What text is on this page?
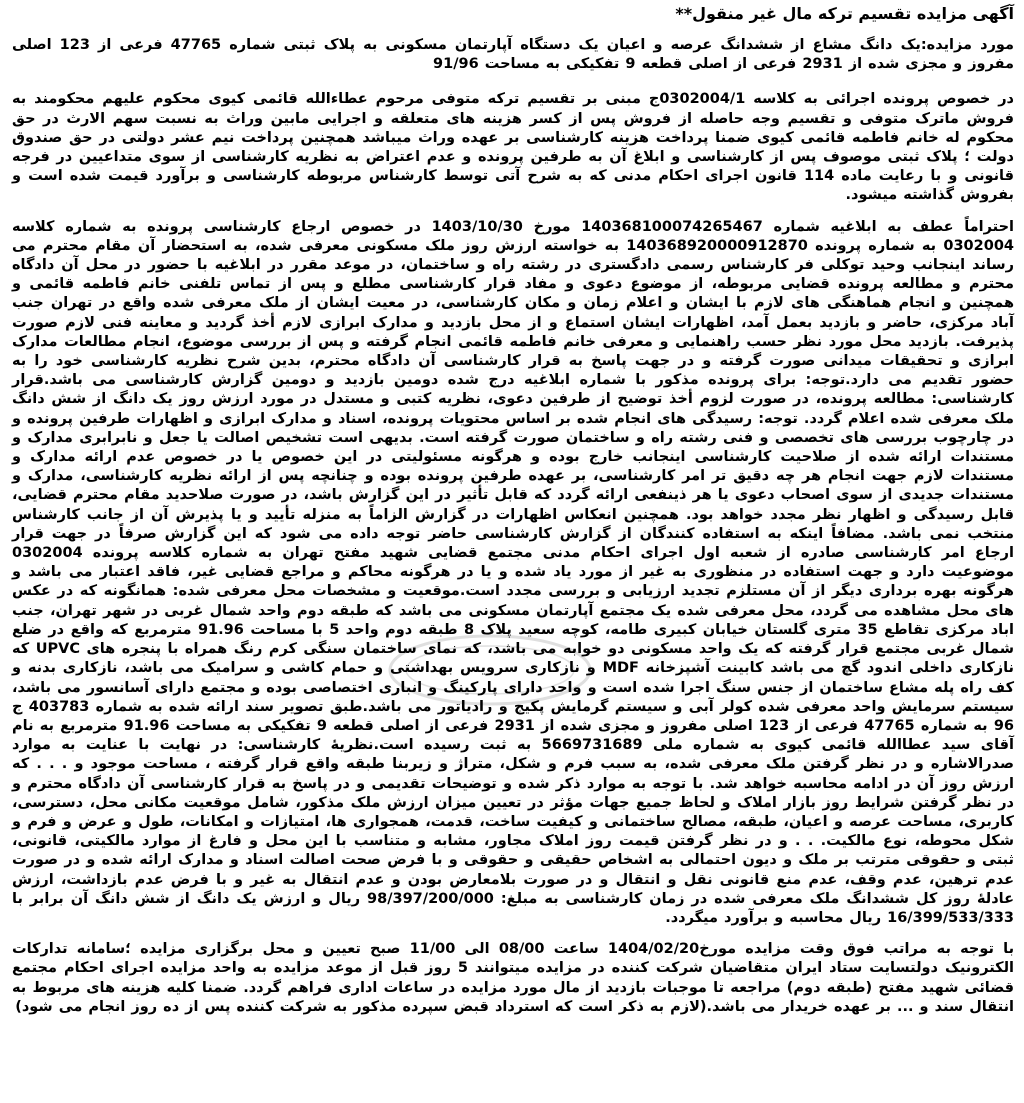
آگهی مزایده تقسیم ترکه مال غیر منقول**
مورد مزایده:یک دانگ مشاع از ششدانگ عرصه و اعیان یک دستگاه آپارتمان مسکونی به پلاک ثبتی شماره 47765 فرعی از 123 اصلی مفروز و مجزی شده از 2931 فرعی از اصلی قطعه 9 تفکیکی به مساحت 91/96
در خصوص پرونده اجرائی به کلاسه 0302004/1ج مبنی بر تقسیم ترکه متوفی مرحوم عطاءالله قائمی کیوی محکوم علیهم محکومند به فروش ماترک متوفی و تقسیم وجه حاصله از فروش پس از کسر هزینه های متعلقه و اجرایی مابین وراث به نسبت سهم الارث در حق محکوم له خانم فاطمه قائمی کیوی ضمنا پرداخت هزینه کارشناسی بر عهده وراث میباشد همچنین پرداخت نیم عشر دولتی در حق صندوق دولت ؛ پلاک ثبتی موصوف پس از کارشناسی و ابلاغ آن به طرفین پرونده و عدم اعتراض به نظریه کارشناسی از سوی متداعیین در فرجه قانونی و با رعایت ماده 114 قانون اجرای احکام مدنی که به شرح آتی توسط کارشناس مربوطه کارشناسی و برآورد قیمت شده است و بفروش گذاشته میشود.
احتراماً عطف به ابلاغیه شماره 140368100074265467 مورخ 1403/10/30 در خصوص ارجاع کارشناسی پرونده به شماره کلاسه 0302004 به شماره پرونده 140368920000912870 به خواسته ارزش روز ملک مسکونی معرفی شده، به استحضار آن مقام محترم می رساند اینجانب وحید توکلی فر کارشناس رسمی دادگستری در رشته راه و ساختمان، در موعد مقرر در ابلاغیه با حضور در محل آن دادگاه محترم و مطالعه پرونده قضایی مربوطه، از موضوع دعوی و مفاد قرار کارشناسی مطلع و پس از تماس تلفنی خانم فاطمه قائمی و همچنین و انجام هماهنگی های لازم با ایشان و اعلام زمان و مکان کارشناسی، در معیت ایشان از ملک معرفی شده واقع در تهران جنب آباد مرکزی، حاضر و بازدید بعمل آمد، اظهارات ایشان استماع و از محل بازدید و مدارک ابرازی لازم أخذ گردید و معاینه فنی لازم صورت پذیرفت. بازدید محل مورد نظر حسب راهنمایی و معرفی خانم فاطمه قائمی انجام گرفته و پس از بررسی موضوع، انجام مطالعات مدارک ابرازی و تحقیقات میدانی صورت گرفته و در جهت پاسخ به قرار کارشناسی آن دادگاه محترم، بدین شرح نظریه کارشناسی خود را به حضور تقدیم می دارد.توجه: برای پرونده مذکور با شماره ابلاغیه درج شده دومین بازدید و دومین گزارش کارشناسی می باشد.قرار کارشناسی: مطالعه پرونده، در صورت لزوم أخذ توضیح از طرفین دعوی، نظریه کتبی و مستدل در مورد ارزش روز یک دانگ از شش دانگ ملک معرفی شده اعلام گردد. توجه: رسیدگی های انجام شده بر اساس محتویات پرونده، اسناد و مدارک ابرازی و اظهارات طرفین پرونده و در چارچوب بررسی های تخصصی و فنی رشته راه و ساختمان صورت گرفته است. بدیهی است تشخیص اصالت یا جعل و نابرابری مدارک و مستندات ارائه شده از صلاحیت کارشناسی اینجانب خارج بوده و هرگونه مسئولیتی در این خصوص یا در خصوص عدم ارائه مدارک و مستندات لازم جهت انجام هر چه دقیق تر امر کارشناسی، بر عهده طرفین پرونده بوده و چنانچه پس از ارائه نظریه کارشناسی، مدارک و مستندات جدیدی از سوی اصحاب دعوی یا هر ذینفعی ارائه گردد که قابل تأثیر در این گزارش باشد، در صورت صلاحدید مقام محترم قضایی، قابل رسیدگی و اظهار نظر مجدد خواهد بود. همچنین انعکاس اظهارات در گزارش الزاماً به منزله تأیید و یا پذیرش آن از جانب کارشناس منتخب نمی باشد. مضافاً اینکه به استفاده کنندگان از گزارش کارشناسی حاضر توجه داده می شود که این گزارش صرفاً در جهت قرار ارجاع امر کارشناسی صادره از شعبه اول اجرای احکام مدنی مجتمع قضایی شهید مفتح تهران به شماره کلاسه پرونده 0302004 موضوعیت دارد و جهت استفاده در منظوری به غیر از مورد یاد شده و یا در هرگونه محاکم و مراجع قضایی غیر، فاقد اعتبار می باشد و هرگونه بهره برداری دیگر از آن مستلزم تجدید ارزیابی و بررسی مجدد است.موقعیت و مشخصات محل معرفی شده: همانگونه که در عکس های محل مشاهده می گردد، محل معرفی شده یک مجتمع آپارتمان مسکونی می باشد که طبقه دوم واحد شمال غربی در شهر تهران، جنب اباد مرکزی تقاطع 35 متری گلستان خیابان کبیری طامه، کوچه سعید پلاک 8 طبقه دوم واحد 5 با مساحت 91.96 مترمربع که واقع در ضلع شمال غربی مجتمع قرار گرفته که یک واحد مسکونی دو خوابه می باشد، که نمای ساختمان سنگی کرم رنگ همراه با پنجره های UPVC که نازکاری داخلی اندود گچ می باشد کابینت آشپزخانه MDF و نازکاری سرویس بهداشتی و حمام کاشی و سرامیک می باشد، نازکاری بدنه و کف راه پله مشاع ساختمان از جنس سنگ اجرا شده است و واحد دارای پارکینگ و انباری اختصاصی بوده و مجتمع دارای آسانسور می باشد، سیستم سرمایش واحد معرفی شده کولر آبی و سیستم گرمایش پکیج و رادیاتور می باشد.طبق تصویر سند ارائه شده به شماره 403783 ج 96 به شماره 47765 فرعی از 123 اصلی مفروز و مجزی شده از 2931 فرعی از اصلی قطعه 9 تفکیکی به مساحت 91.96 مترمربع به نام آقای سید عطاالله قائمی کیوی به شماره ملی 5669731689 به ثبت رسیده است.نظریهٔ کارشناسی: در نهایت با عنایت به موارد صدرالاشاره و در نظر گرفتن ملک معرفی شده، به سبب فرم و شکل، متراژ و زیربنا طبقه واقع قرار گرفته ، مساحت موجود و . . . که ارزش روز آن در ادامه محاسبه خواهد شد. با توجه به موارد ذکر شده و توضیحات تقدیمی و در پاسخ به قرار کارشناسی آن دادگاه محترم و در نظر گرفتن شرایط روز بازار املاک و لحاظ جمیع جهات مؤثر در تعیین میزان ارزش ملک مذکور، شامل موقعیت مکانی محل، دسترسی، کاربری، مساحت عرصه و اعیان، طبقه، مصالح ساختمانی و کیفیت ساخت، قدمت، همجواری ها، امتیازات و امکانات، طول و عرض و فرم و شکل محوطه، نوع مالکیت. . . و در نظر گرفتن قیمت روز املاک مجاور، مشابه و متناسب با این محل و فارغ از موارد مالکیتی، قانونی، ثبتی و حقوقی مترتب بر ملک و دیون احتمالی به اشخاص حقیقی و حقوقی و با فرض صحت اصالت اسناد و مدارک ارائه شده و در صورت عدم ترهین، عدم وقف، عدم منع قانونی نقل و انتقال و در صورت بلامعارض بودن و عدم انتقال به غیر و با فرض عدم بازداشت، ارزش عادلهٔ روز کل ششدانگ ملک معرفی شده در زمان کارشناسی به مبلغ: 98/397/200/000 ریال و ارزش یک دانگ از شش دانگ آن برابر با 16/399/533/333 ریال محاسبه و برآورد میگردد.
با توجه به مراتب فوق وقت مزایده مورخ1404/02/20 ساعت 08/00 الی 11/00 صبح تعیین و محل برگزاری مزایده ؛سامانه تدارکات الکترونیک دولتسایت ستاد ایران متقاضیان شرکت کننده در مزایده میتوانند 5 روز قبل از موعد مزایده به واحد مزایده اجرای احکام مجتمع قضائی شهید مفتح (طبقه دوم) مراجعه تا موجبات بازدید از مال مورد مزایده در ساعات اداری فراهم گردد. ضمنا کلیه هزینه های مربوط به انتقال سند و ... بر عهده خریدار می باشد.(لازم به ذکر است که استرداد قبض سپرده مذکور به شرکت کننده پس از ده روز انجام می شود)
